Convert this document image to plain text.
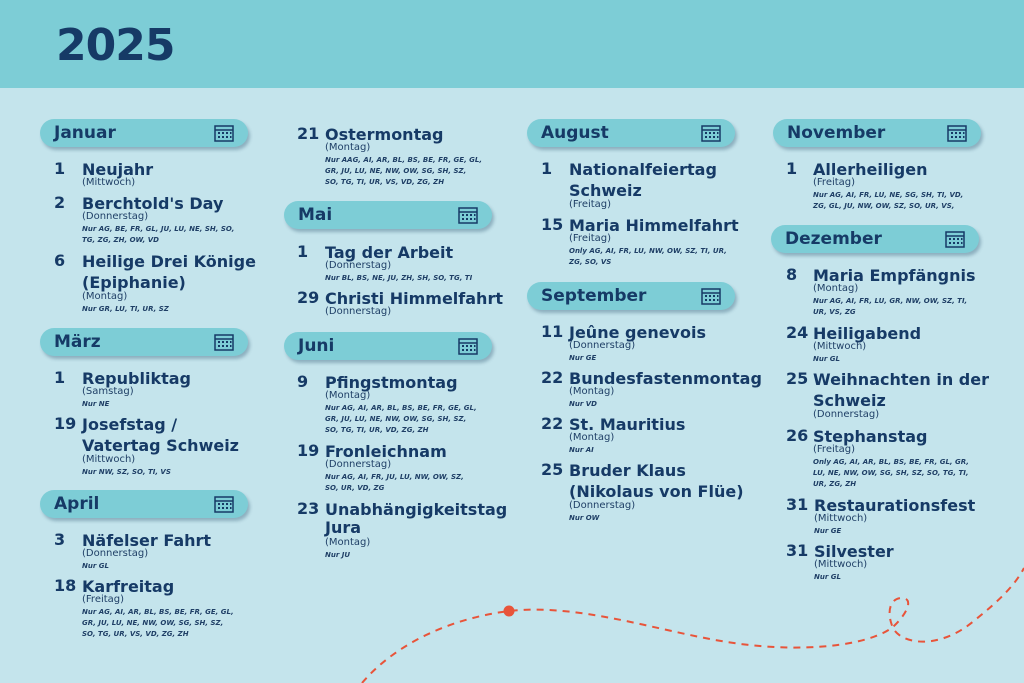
2025
Januar
1 Neujahr
(Mittwoch)
2 Berchtold's Day
(Donnerstag)
Nur AG, BE, FR, GL, JU, LU, NE, SH, SO,
TG, ZG, ZH, OW, VD
6 Heilige Drei Könige
(Epiphanie)
(Montag)
Nur GR, LU, TI, UR, SZ
März
1 Republiktag
(Samstag)
Nur NE
19 Josefstag /
Vatertag Schweiz
(Mittwoch)
Nur NW, SZ, SO, TI, VS
April
3 Näfelser Fahrt
(Donnerstag)
Nur GL
18 Karfreitag
(Freitag)
Nur AG, AI, AR, BL, BS, BE, FR, GE, GL,
GR, JU, LU, NE, NW, OW, SG, SH, SZ,
SO, TG, UR, VS, VD, ZG, ZH
21 Ostermontag
(Montag)
Nur AAG, AI, AR, BL, BS, BE, FR, GE, GL,
GR, JU, LU, NE, NW, OW, SG, SH, SZ,
SO, TG, TI, UR, VS, VD, ZG, ZH
Mai
1 Tag der Arbeit
(Donnerstag)
Nur BL, BS, NE, JU, ZH, SH, SO, TG, TI
29 Christi Himmelfahrt
(Donnerstag)
Juni
9 Pfingstmontag
(Montag)
Nur AG, AI, AR, BL, BS, BE, FR, GE, GL,
GR, JU, LU, NE, NW, OW, SG, SH, SZ,
SO, TG, TI, UR, VD, ZG, ZH
19 Fronleichnam
(Donnerstag)
Nur AG, AI, FR, JU, LU, NW, OW, SZ,
SO, UR, VD, ZG
23 Unabhängigkeitstag
Jura
(Montag)
Nur JU
August
1 Nationalfeiertag
Schweiz
(Freitag)
15 Maria Himmelfahrt
(Freitag)
Only AG, AI, FR, LU, NW, OW, SZ, TI, UR,
ZG, SO, VS
September
11 Jeûne genevois
(Donnerstag)
Nur GE
22 Bundesfastenmontag
(Montag)
Nur VD
22 St. Mauritius
(Montag)
Nur AI
25 Bruder Klaus
(Nikolaus von Flüe)
(Donnerstag)
Nur OW
November
1 Allerheiligen
(Freitag)
Nur AG, AI, FR, LU, NE, SG, SH, TI, VD,
ZG, GL, JU, NW, OW, SZ, SO, UR, VS,
Dezember
8 Maria Empfängnis
(Montag)
Nur AG, AI, FR, LU, GR, NW, OW, SZ, TI,
UR, VS, ZG
24 Heiligabend
(Mittwoch)
Nur GL
25 Weihnachten in der
Schweiz
(Donnerstag)
26 Stephanstag
(Freitag)
Only AG, AI, AR, BL, BS, BE, FR, GL, GR,
LU, NE, NW, OW, SG, SH, SZ, SO, TG, TI,
UR, ZG, ZH
31 Restaurationsfest
(Mittwoch)
Nur GE
31 Silvester
(Mittwoch)
Nur GL
